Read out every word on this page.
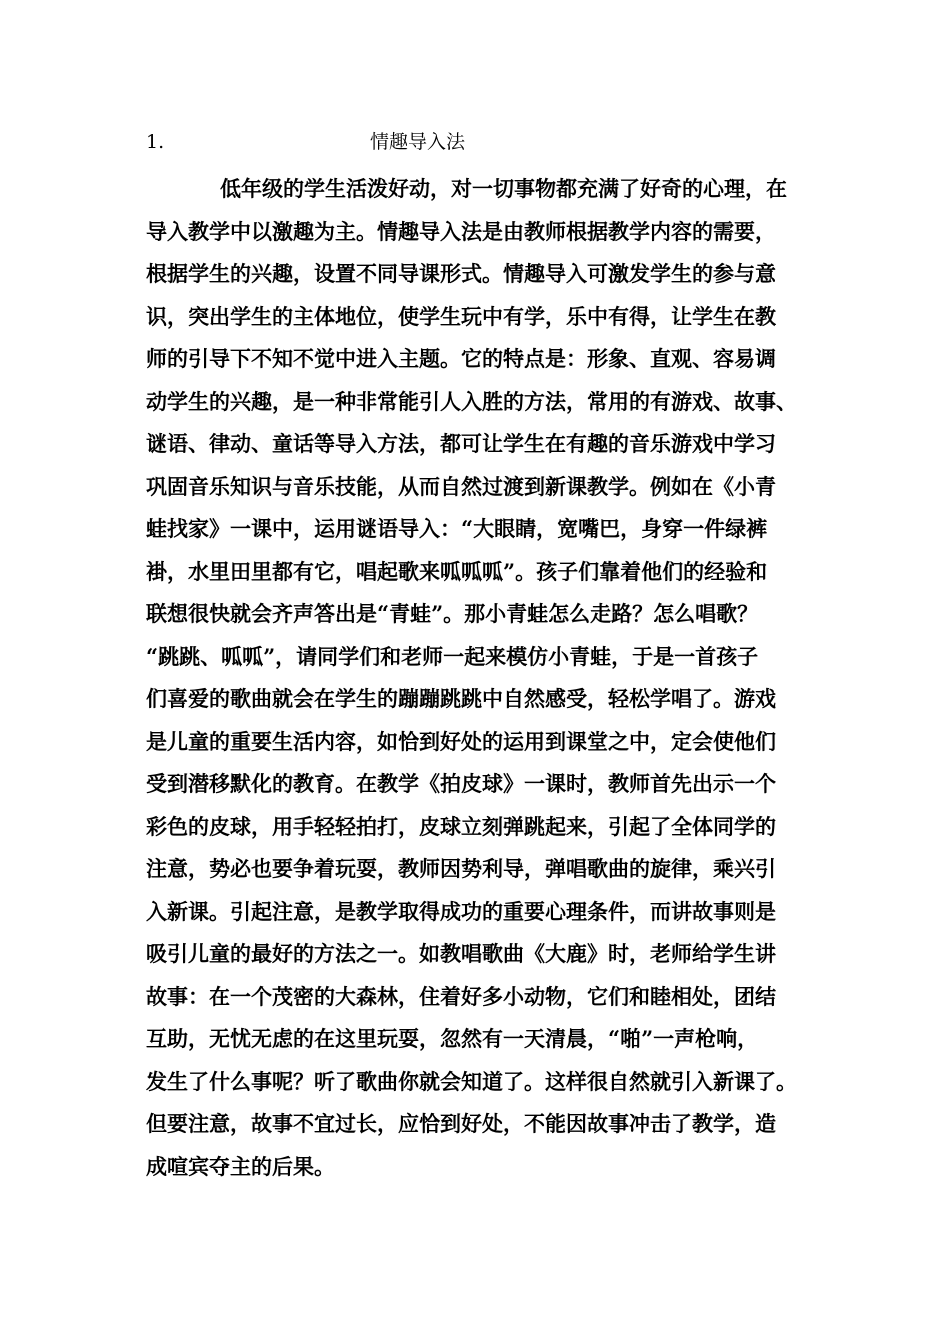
1.	情趣导入法
低年级的学生活泼好动，对一切事物都充满了好奇的心理，在
导入教学中以激趣为主。情趣导入法是由教师根据教学内容的需要，
根据学生的兴趣，设置不同导课形式。情趣导入可激发学生的参与意
识，突出学生的主体地位，使学生玩中有学，乐中有得，让学生在教
师的引导下不知不觉中进入主题。它的特点是：形象、直观、容易调
动学生的兴趣，是一种非常能引人入胜的方法，常用的有游戏、故事、
谜语、律动、童话等导入方法，都可让学生在有趣的音乐游戏中学习
巩固音乐知识与音乐技能，从而自然过渡到新课教学。例如在《小青
蛙找家》一课中，运用谜语导入：“大眼睛，宽嘴巴，身穿一件绿裤
褂，水里田里都有它，唱起歌来呱呱呱”。孩子们靠着他们的经验和
联想很快就会齐声答出是“青蛙”。那小青蛙怎么走路？怎么唱歌？
“跳跳、呱呱”，请同学们和老师一起来模仿小青蛙，于是一首孩子
们喜爱的歌曲就会在学生的蹦蹦跳跳中自然感受，轻松学唱了。游戏
是儿童的重要生活内容，如恰到好处的运用到课堂之中，定会使他们
受到潜移默化的教育。在教学《拍皮球》一课时，教师首先出示一个
彩色的皮球，用手轻轻拍打，皮球立刻弹跳起来，引起了全体同学的
注意，势必也要争着玩耍，教师因势利导，弹唱歌曲的旋律，乘兴引
入新课。引起注意，是教学取得成功的重要心理条件，而讲故事则是
吸引儿童的最好的方法之一。如教唱歌曲《大鹿》时，老师给学生讲
故事：在一个茂密的大森林，住着好多小动物，它们和睦相处，团结
互助，无忧无虑的在这里玩耍，忽然有一天清晨，“啪”一声枪响，
发生了什么事呢？听了歌曲你就会知道了。这样很自然就引入新课了。
但要注意，故事不宜过长，应恰到好处，不能因故事冲击了教学，造
成喧宾夺主的后果。
